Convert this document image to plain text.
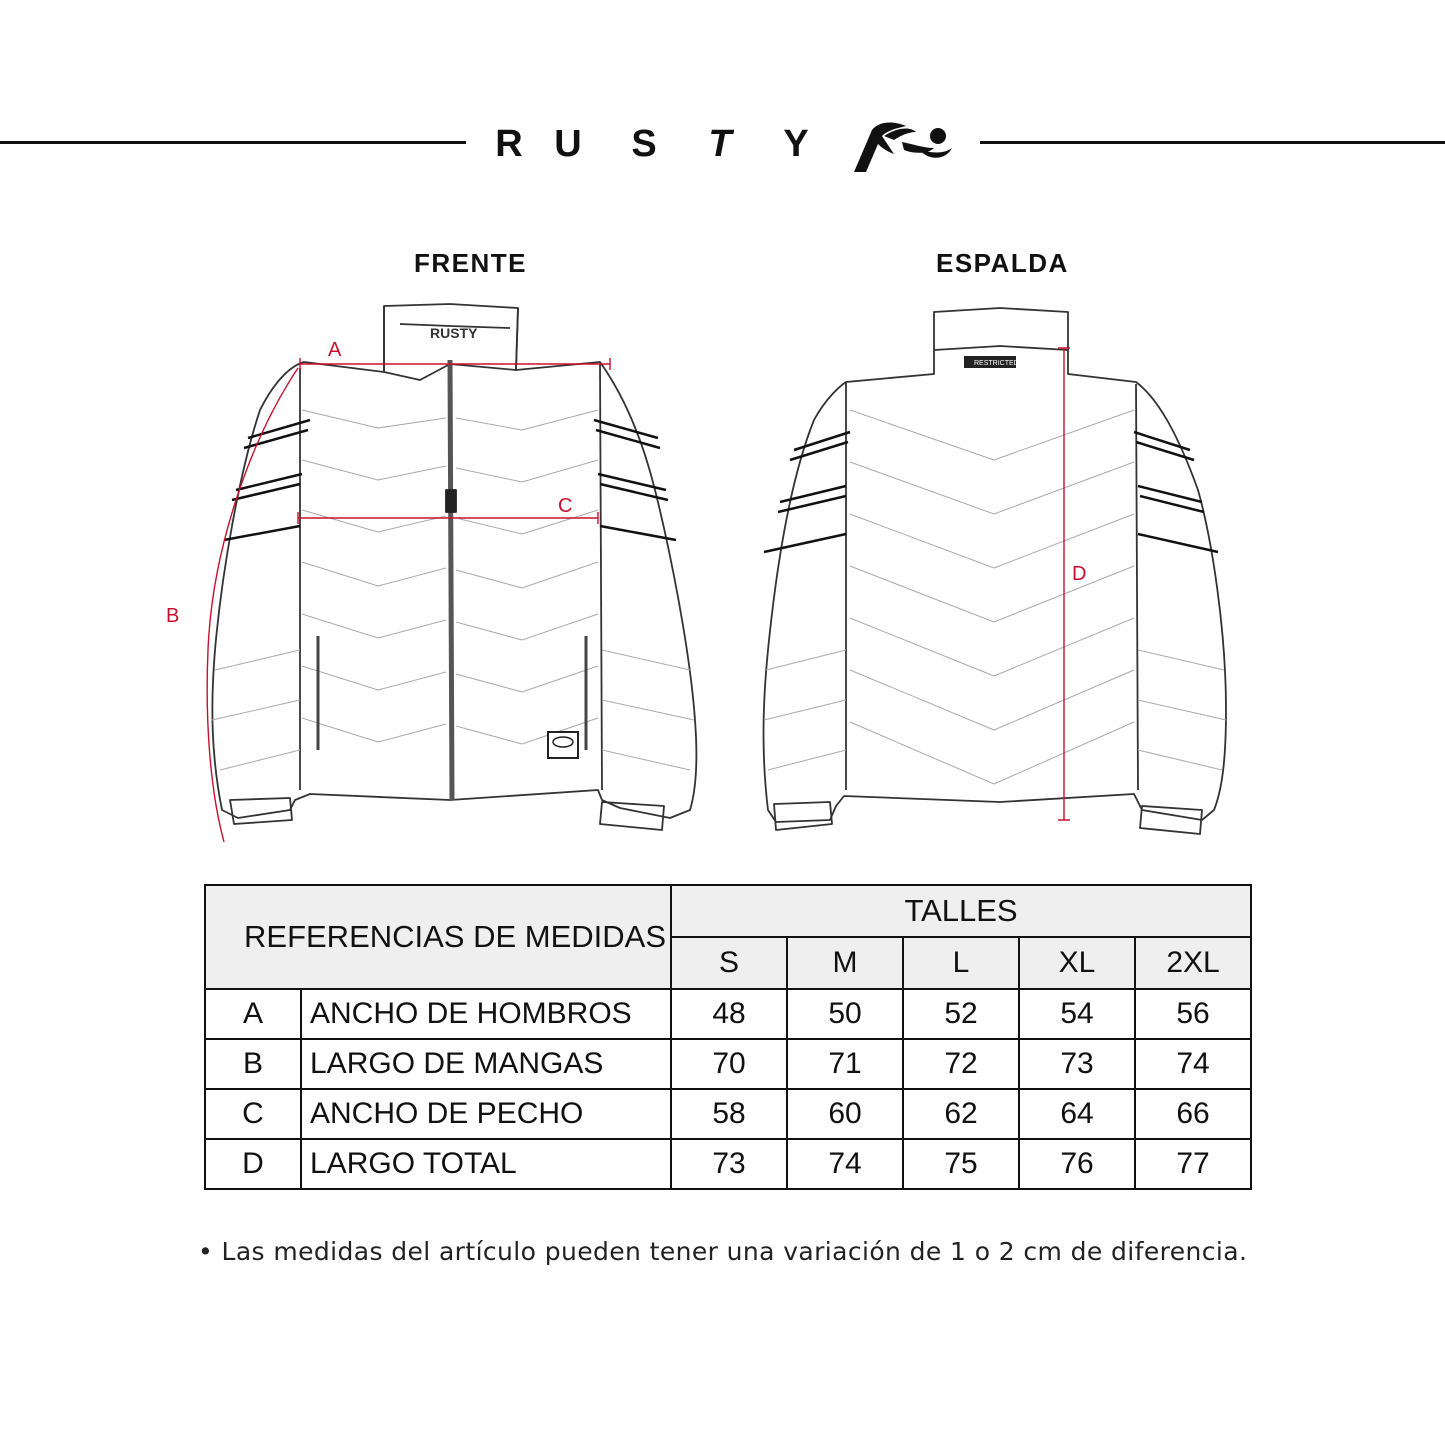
R U	S	T	Y
FRENTE	ESPALDA
RUSTY
A
C
B
RESTRICTED
D
REFERENCIAS DE MEDIDAS		TALLES				
		S	M	L	XL	2XL
A	ANCHO DE HOMBROS	48	50	52	54	56
B	LARGO DE MANGAS	70	71	72	73	74
C	ANCHO DE PECHO	58	60	62	64	66
D	LARGO TOTAL	73	74	75	76	77
• Las medidas del artículo pueden tener una variación de 1 o 2 cm de diferencia.
